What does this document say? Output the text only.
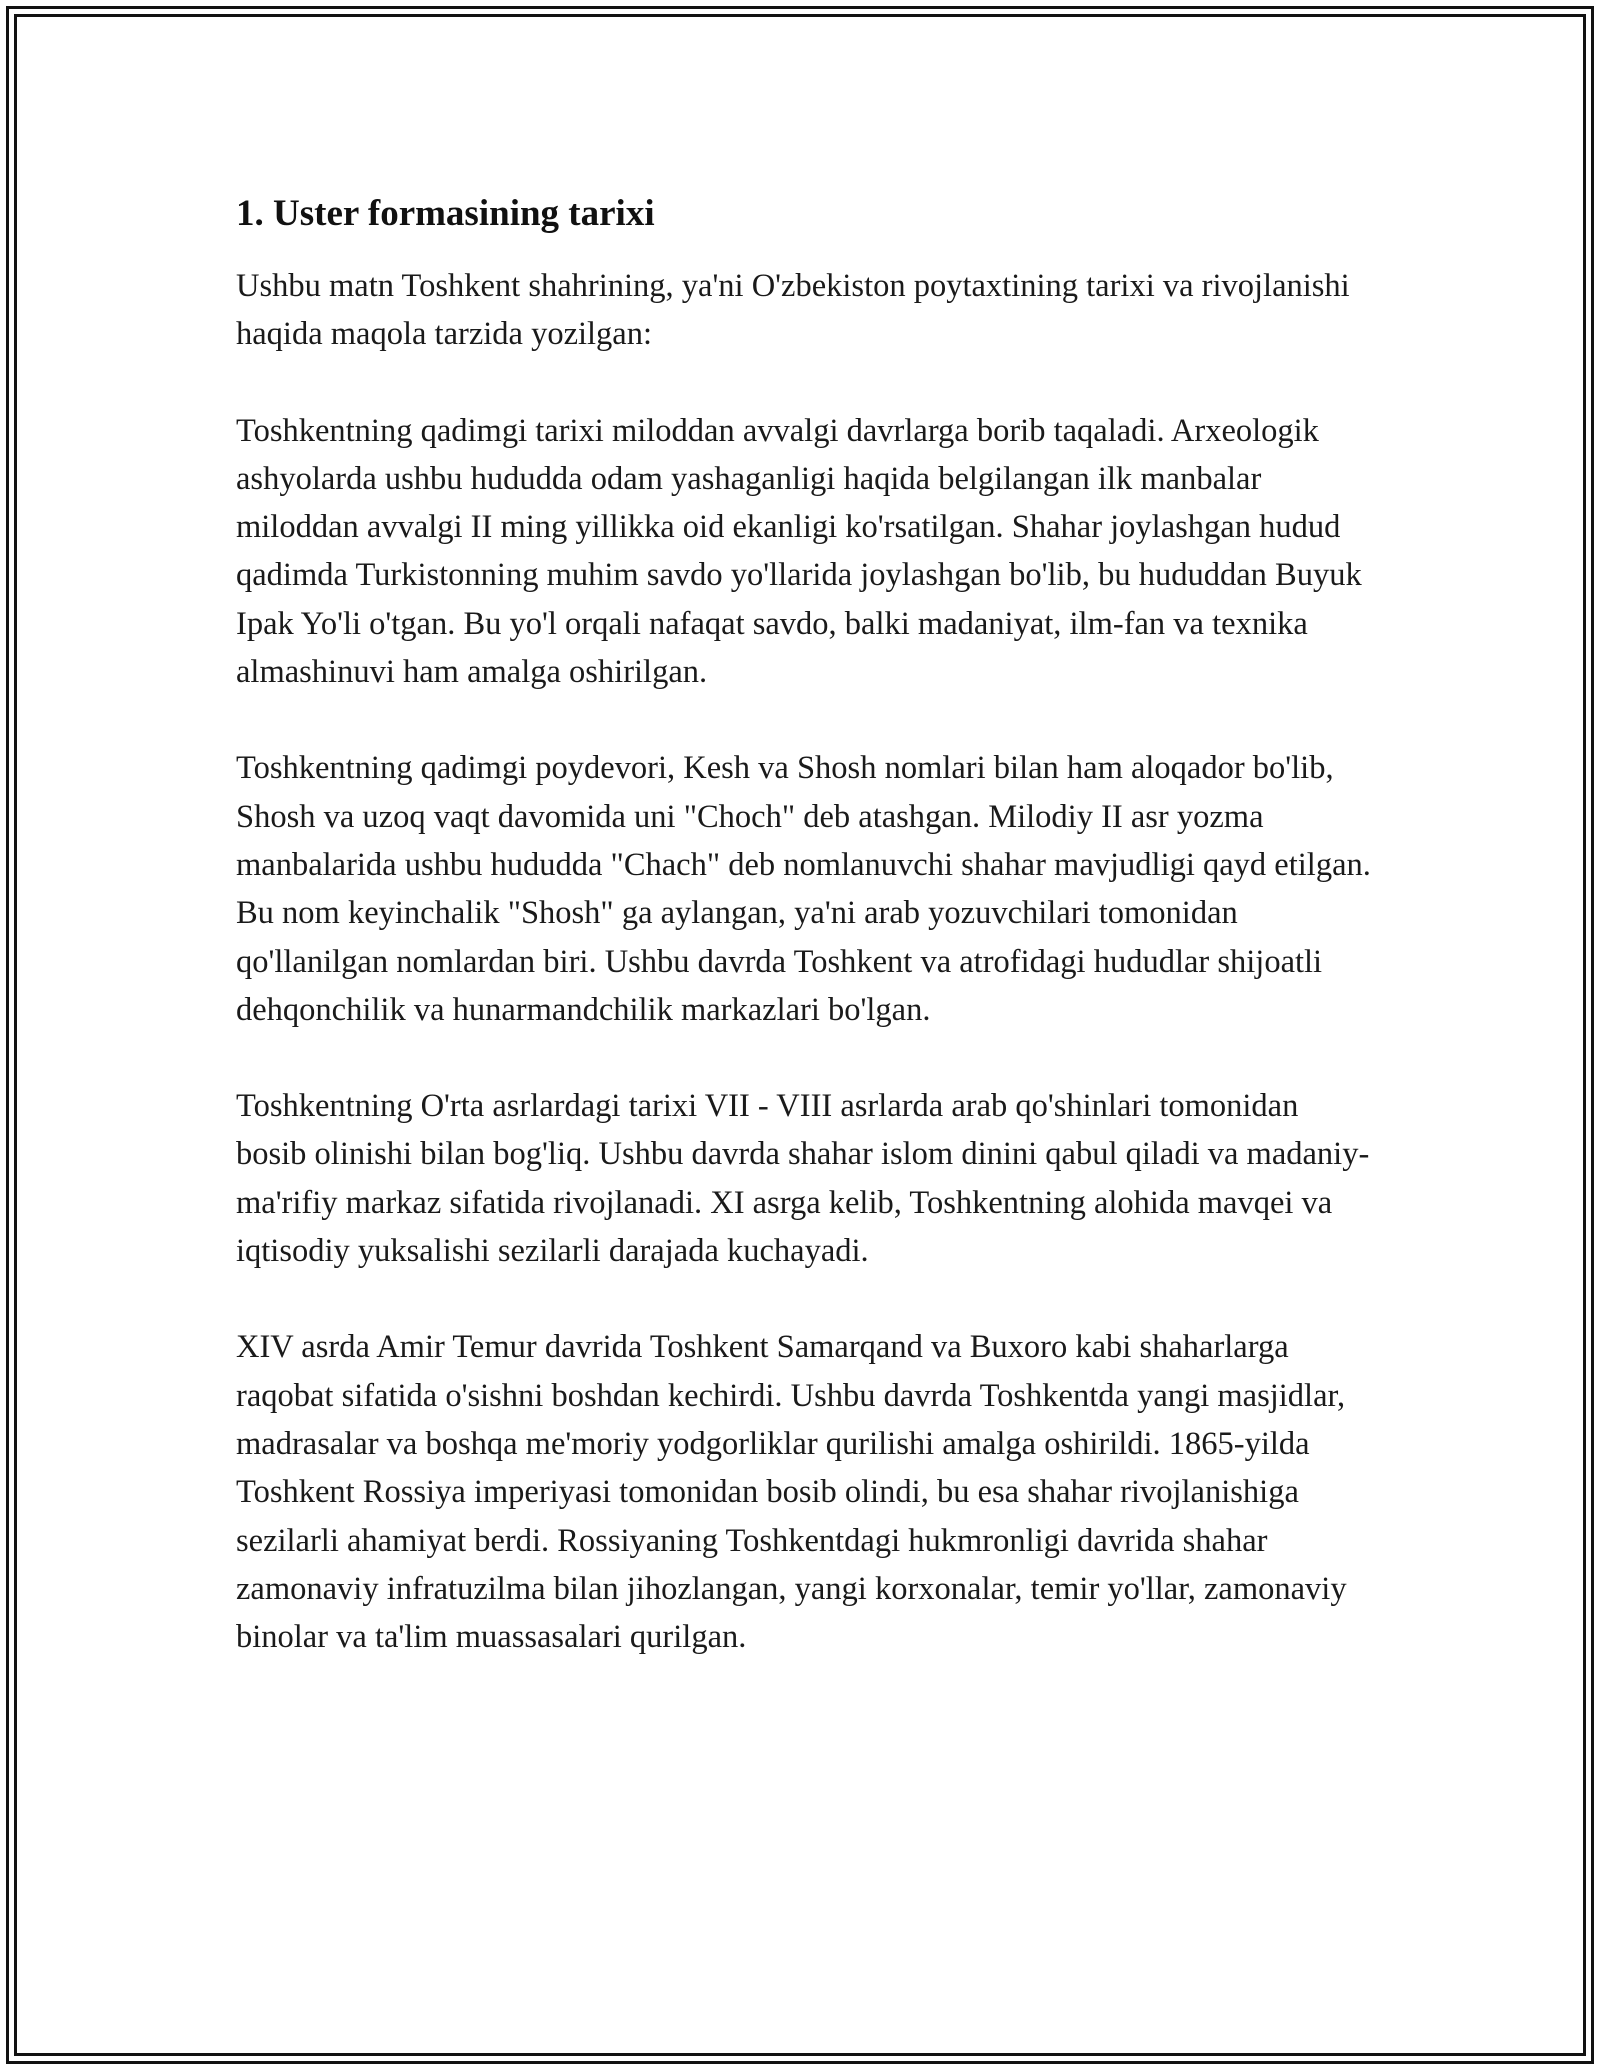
1. Uster formasining tarixi

Ushbu matn Toshkent shahrining, ya'ni O'zbekiston poytaxtining tarixi va rivojlanishi haqida maqola tarzida yozilgan:

Toshkentning qadimgi tarixi miloddan avvalgi davrlarga borib taqaladi. Arxeologik ashyolarda ushbu hududda odam yashaganligi haqida belgilangan ilk manbalar miloddan avvalgi II ming yillikka oid ekanligi ko'rsatilgan. Shahar joylashgan hudud qadimda Turkistonning muhim savdo yo'llarida joylashgan bo'lib, bu hududdan Buyuk Ipak Yo'li o'tgan. Bu yo'l orqali nafaqat savdo, balki madaniyat, ilm-fan va texnika almashinuvi ham amalga oshirilgan.

Toshkentning qadimgi poydevori, Kesh va Shosh nomlari bilan ham aloqador bo'lib, Shosh va uzoq vaqt davomida uni "Choch" deb atashgan. Milodiy II asr yozma manbalarida ushbu hududda "Chach" deb nomlanuvchi shahar mavjudligi qayd etilgan. Bu nom keyinchalik "Shosh" ga aylangan, ya'ni arab yozuvchilari tomonidan qo'llanilgan nomlardan biri. Ushbu davrda Toshkent va atrofidagi hududlar shijoatli dehqonchilik va hunarmandchilik markazlari bo'lgan.

Toshkentning O'rta asrlardagi tarixi VII - VIII asrlarda arab qo'shinlari tomonidan bosib olinishi bilan bog'liq. Ushbu davrda shahar islom dinini qabul qiladi va madaniy-ma'rifiy markaz sifatida rivojlanadi. XI asrga kelib, Toshkentning alohida mavqei va iqtisodiy yuksalishi sezilarli darajada kuchayadi.

XIV asrda Amir Temur davrida Toshkent Samarqand va Buxoro kabi shaharlarga raqobat sifatida o'sishni boshdan kechirdi. Ushbu davrda Toshkentda yangi masjidlar, madrasalar va boshqa me'moriy yodgorliklar qurilishi amalga oshirildi. 1865-yilda Toshkent Rossiya imperiyasi tomonidan bosib olindi, bu esa shahar rivojlanishiga sezilarli ahamiyat berdi. Rossiyaning Toshkentdagi hukmronligi davrida shahar zamonaviy infratuzilma bilan jihozlangan, yangi korxonalar, temir yo'llar, zamonaviy binolar va ta'lim muassasalari qurilgan.
